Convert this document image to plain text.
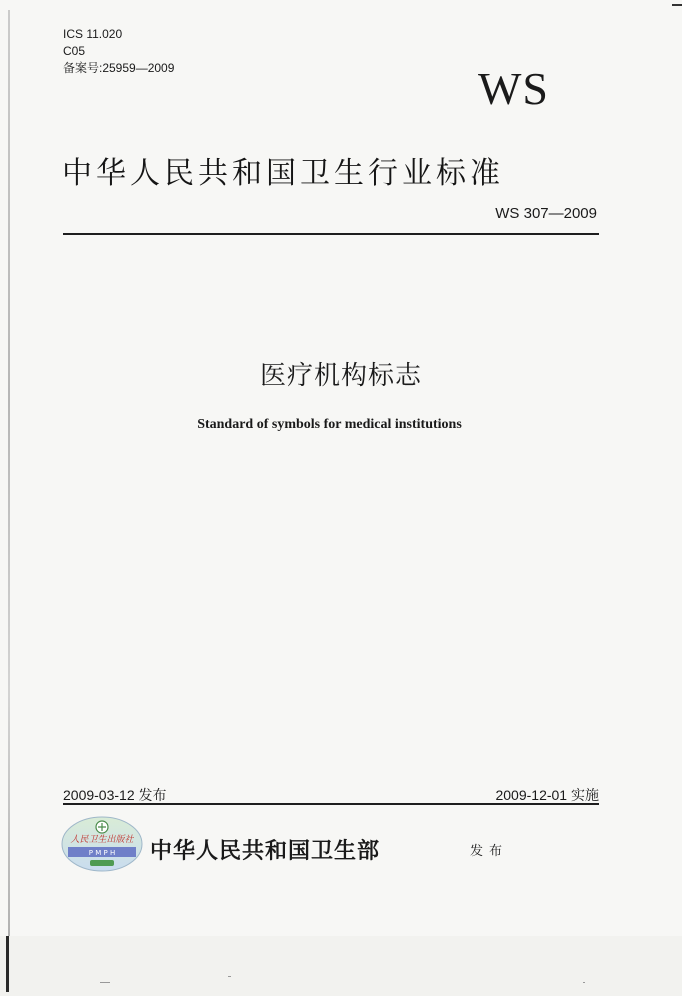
ICS 11.020
C05
备案号:25959—2009	WS
中华人民共和国卫生行业标准
WS 307—2009
医疗机构标志
Standard of symbols for medical institutions
2009-03-12 发布	2009-12-01 实施
人民卫生出版社
P M P H 中华人民共和国卫生部	发布
